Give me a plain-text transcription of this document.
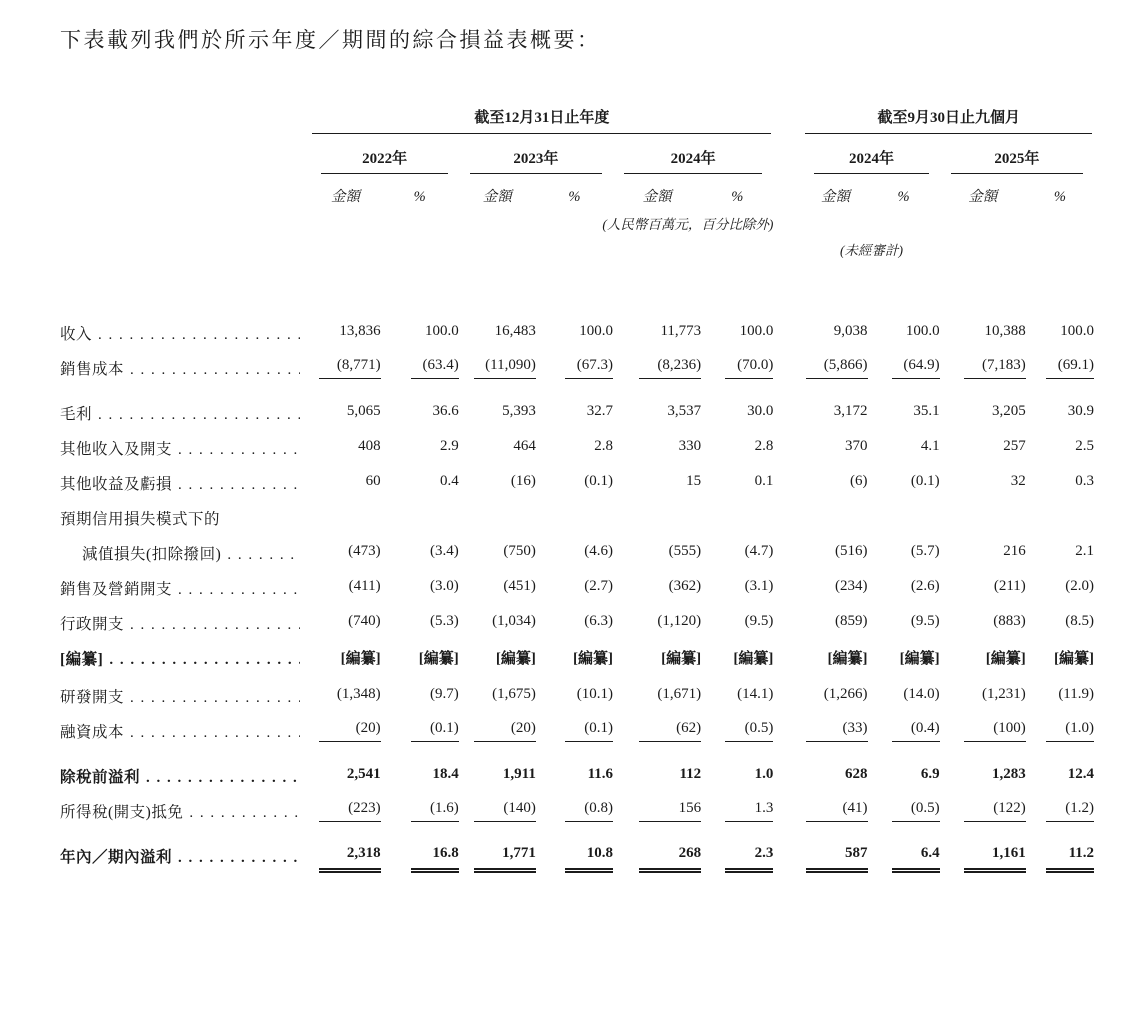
下表載列我們於所示年度／期間的綜合損益表概要：

	截至12月31日止年度							截至9月30日止九個月			

	2022年		2023年		2024年			2024年		2025年	

	金額	%	金額	%	金額	%		金額	%	金額	%
			(人民幣百萬元，百分比除外)								
								(未經審計)			

收入 . . .	13,836	100.0	16,483	100.0	11,773	100.0		9,038	100.0	10,388	100.0

銷售成本 . . .	(8,771)	(63.4)	(11,090)	(67.3)	(8,236)	(70.0)		(5,866)	(64.9)	(7,183)	(69.1)

毛利 . . .	5,065	36.6	5,393	32.7	3,537	30.0		3,172	35.1	3,205	30.9

其他收入及開支 . . .	408	2.9	464	2.8	330	2.8		370	4.1	257	2.5

其他收益及虧損 . . .	60	0.4	(16)	(0.1)	15	0.1		(6)	(0.1)	32	0.3

預期信用損失模式下的

減值損失(扣除撥回) . . .	(473)	(3.4)	(750)	(4.6)	(555)	(4.7)		(516)	(5.7)	216	2.1

銷售及營銷開支 . . .	(411)	(3.0)	(451)	(2.7)	(362)	(3.1)		(234)	(2.6)	(211)	(2.0)

行政開支 . . .	(740)	(5.3)	(1,034)	(6.3)	(1,120)	(9.5)		(859)	(9.5)	(883)	(8.5)

[編纂] . . .	[編纂]	[編纂]	[編纂]	[編纂]	[編纂]	[編纂]		[編纂]	[編纂]	[編纂]	[編纂]

研發開支 . . .	(1,348)	(9.7)	(1,675)	(10.1)	(1,671)	(14.1)		(1,266)	(14.0)	(1,231)	(11.9)

融資成本 . . .	(20)	(0.1)	(20)	(0.1)	(62)	(0.5)		(33)	(0.4)	(100)	(1.0)

除稅前溢利 . . .	2,541	18.4	1,911	11.6	112	1.0		628	6.9	1,283	12.4

所得稅(開支)抵免 . . .	(223)	(1.6)	(140)	(0.8)	156	1.3		(41)	(0.5)	(122)	(1.2)

年內／期內溢利 . . .	2,318	16.8	1,771	10.8	268	2.3		587	6.4	1,161	11.2
